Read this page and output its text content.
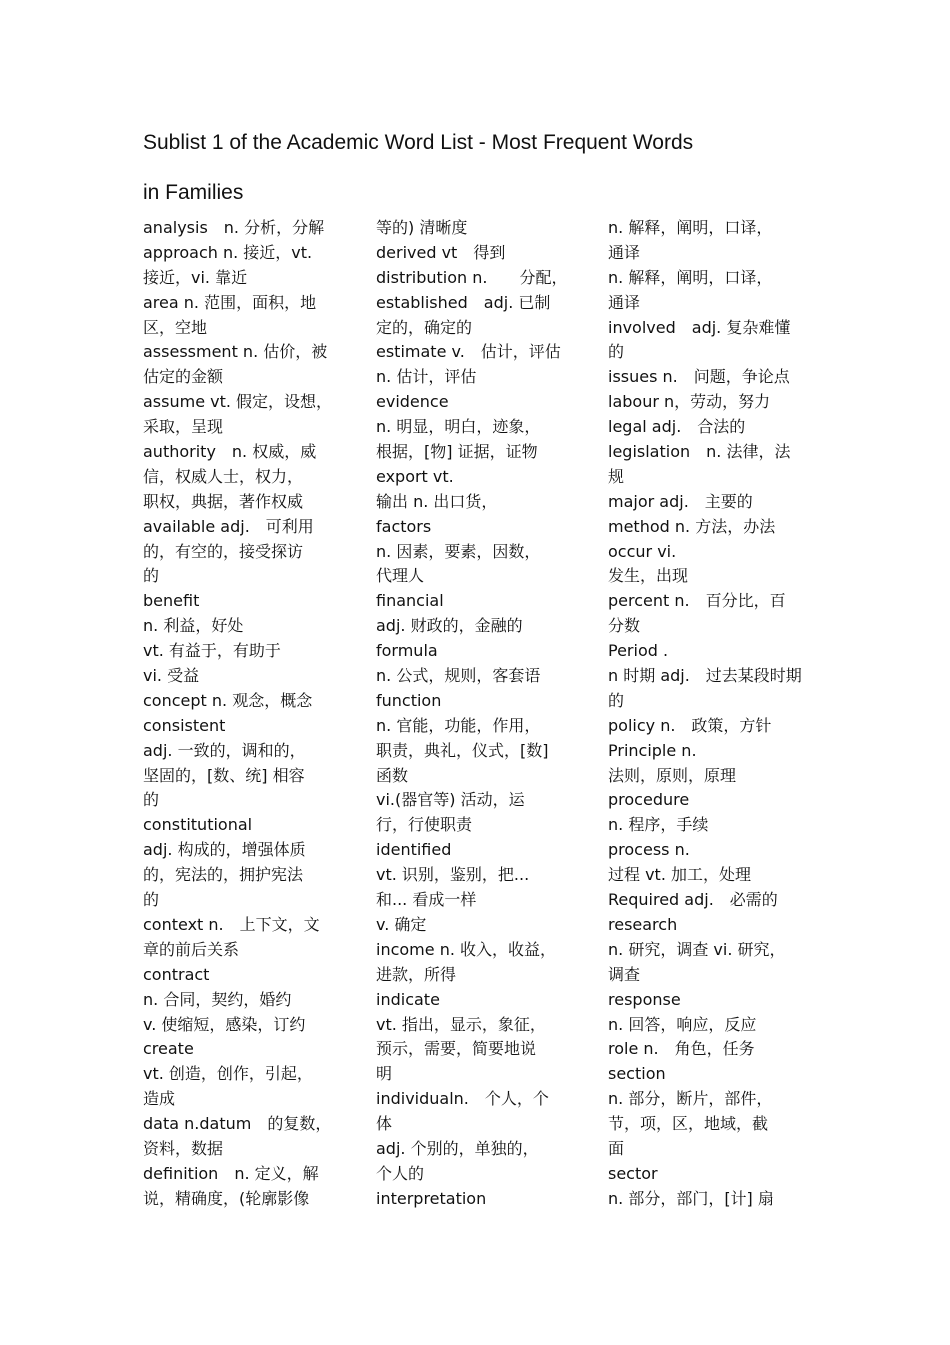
Sublist 1 of the Academic Word List - Most Frequent Words
in Families
analysis　n. 分析，分解
approach n. 接近，vt.
接近，vi. 靠近
area n. 范围，面积，地
区，空地
assessment n. 估价，被
估定的金额
assume vt. 假定，设想，
采取，呈现
authority　n. 权威，威
信，权威人士，权力，
职权，典据，著作权威
available adj.　可利用
的，有空的，接受探访
的
benefit
n. 利益，好处
vt. 有益于，有助于
vi. 受益
concept n. 观念，概念
consistent
adj. 一致的，调和的，
坚固的，[数、统] 相容
的
constitutional
adj. 构成的，增强体质
的，宪法的，拥护宪法
的
context n.　上下文，文
章的前后关系
contract
n. 合同，契约，婚约
v. 使缩短，感染，订约
create
vt. 创造，创作，引起，
造成
data n.datum　的复数，
资料，数据
definition　n. 定义，解
说，精确度，(轮廓影像
等的) 清晰度
derived vt　得到
distribution n.　　分配，
established　adj. 已制
定的，确定的
estimate v.　估计，评估
n. 估计，评估
evidence
n. 明显，明白，迹象，
根据，[物] 证据，证物
export vt.
输出 n. 出口货，
factors
n. 因素，要素，因数，
代理人
financial
adj. 财政的，金融的
formula
n. 公式，规则，客套语
function
n. 官能，功能，作用，
职责，典礼，仪式，[数]
函数
vi.(器官等) 活动，运
行，行使职责
identified
vt. 识别，鉴别，把...
和... 看成一样
v. 确定
income n. 收入，收益，
进款，所得
indicate
vt. 指出，显示，象征，
预示，需要，简要地说
明
individualn.　个人，个
体
adj. 个别的，单独的，
个人的
interpretation
n. 解释，阐明，口译，
通译
n. 解释，阐明，口译，
通译
involved　adj. 复杂难懂
的
issues n.　问题，争论点
labour n，劳动，努力
legal adj.　合法的
legislation　n. 法律，法
规
major adj.　主要的
method n. 方法，办法
occur vi.
发生，出现
percent n.　百分比，百
分数
Period .
n 时期 adj.　过去某段时期
的
policy n.　政策，方针
Principle n.
法则，原则，原理
procedure
n. 程序，手续
process n.
过程 vt. 加工，处理
Required adj.　必需的
research
n. 研究，调查 vi. 研究，
调查
response
n. 回答，响应，反应
role n.　角色，任务
section
n. 部分，断片，部件，
节，项，区，地域，截
面
sector
n. 部分，部门，[计] 扇
